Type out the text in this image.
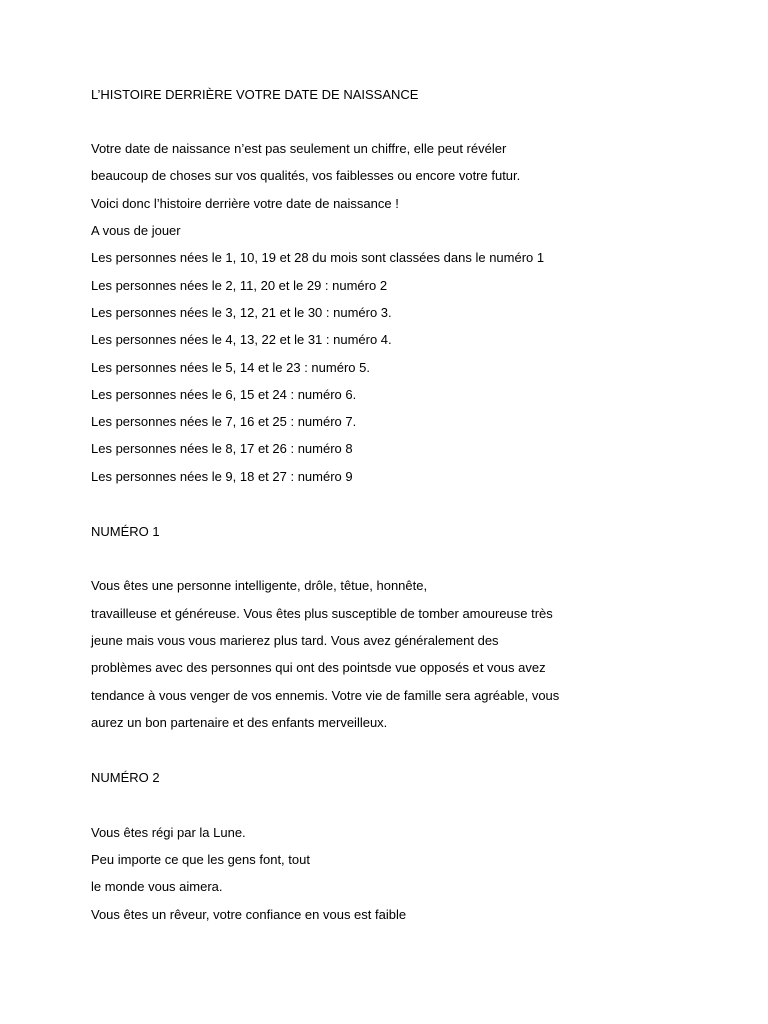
L’HISTOIRE DERRIÈRE VOTRE DATE DE NAISSANCE

Votre date de naissance n’est pas seulement un chiffre, elle peut révéler

beaucoup de choses sur vos qualités, vos faiblesses ou encore votre futur.

Voici donc l’histoire derrière votre date de naissance !

A vous de jouer

Les personnes nées le 1, 10, 19 et 28 du mois sont classées dans le numéro 1

Les personnes nées le 2, 11, 20 et le 29 : numéro 2

Les personnes nées le 3, 12, 21 et le 30 : numéro 3.

Les personnes nées le 4, 13, 22 et le 31 : numéro 4.

Les personnes nées le 5, 14 et le 23 : numéro 5.

Les personnes nées le 6, 15 et 24 : numéro 6.

Les personnes nées le 7, 16 et 25 : numéro 7.

Les personnes nées le 8, 17 et 26 : numéro 8

Les personnes nées le 9, 18 et 27 : numéro 9

NUMÉRO 1

Vous êtes une personne intelligente, drôle, têtue, honnête,

travailleuse et généreuse. Vous êtes plus susceptible de tomber amoureuse très

jeune mais vous vous marierez plus tard. Vous avez généralement des

problèmes avec des personnes qui ont des pointsde vue opposés et vous avez

tendance à vous venger de vos ennemis. Votre vie de famille sera agréable, vous

aurez un bon partenaire et des enfants merveilleux.

NUMÉRO 2

Vous êtes régi par la Lune.

Peu importe ce que les gens font, tout

le monde vous aimera.

Vous êtes un rêveur, votre confiance en vous est faible
